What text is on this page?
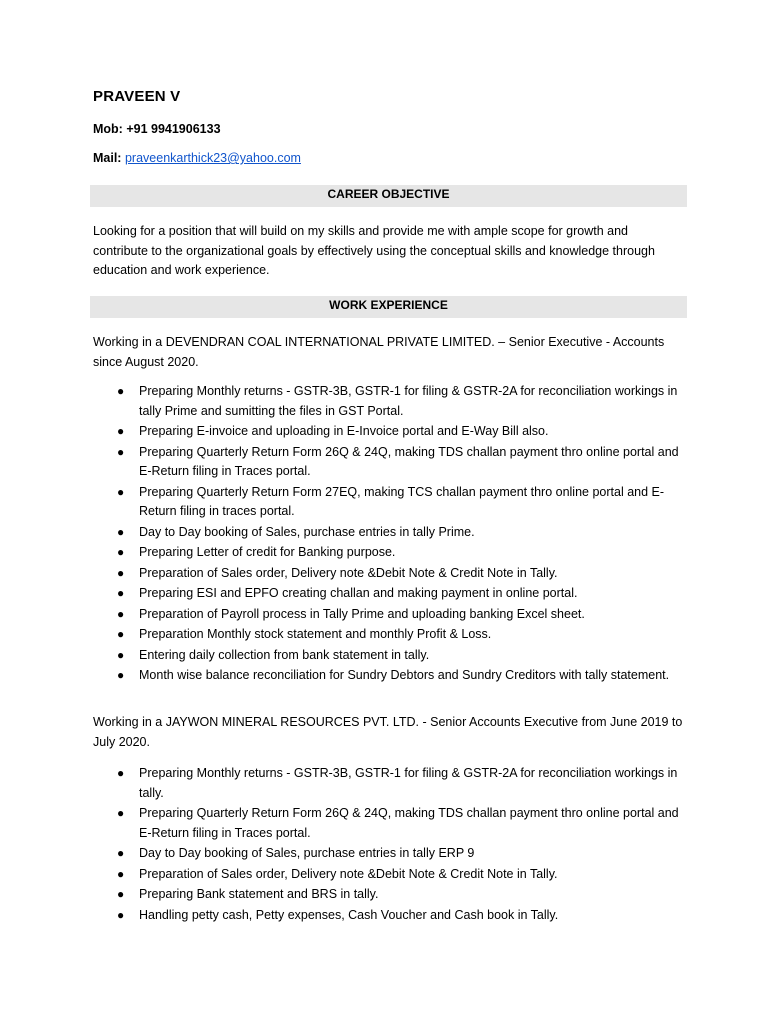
PRAVEEN V
Mob: +91 9941906133
Mail: praveenkarthick23@yahoo.com
CAREER OBJECTIVE

Looking for a position that will build on my skills and provide me with ample scope for growth and contribute to the organizational goals by effectively using the conceptual skills and knowledge through education and work experience.

WORK EXPERIENCE

Working in a DEVENDRAN COAL INTERNATIONAL PRIVATE LIMITED. – Senior Executive - Accounts since August 2020.

● Preparing Monthly returns - GSTR-3B, GSTR-1 for filing & GSTR-2A for reconciliation workings in tally Prime and sumitting the files in GST Portal.
● Preparing E-invoice and uploading in E-Invoice portal and E-Way Bill also.
● Preparing Quarterly Return Form 26Q & 24Q, making TDS challan payment thro online portal and E-Return filing in Traces portal.
● Preparing Quarterly Return Form 27EQ, making TCS challan payment thro online portal and E-Return filing in traces portal.
● Day to Day booking of Sales, purchase entries in tally Prime.
● Preparing Letter of credit for Banking purpose.
● Preparation of Sales order, Delivery note &Debit Note & Credit Note in Tally.
● Preparing ESI and EPFO creating challan and making payment in online portal.
● Preparation of Payroll process in Tally Prime and uploading banking Excel sheet.
● Preparation Monthly stock statement and monthly Profit & Loss.
● Entering daily collection from bank statement in tally.
● Month wise balance reconciliation for Sundry Debtors and Sundry Creditors with tally statement.

Working in a JAYWON MINERAL RESOURCES PVT. LTD. - Senior Accounts Executive from June 2019 to July 2020.

● Preparing Monthly returns - GSTR-3B, GSTR-1 for filing & GSTR-2A for reconciliation workings in tally.
● Preparing Quarterly Return Form 26Q & 24Q, making TDS challan payment thro online portal and E-Return filing in Traces portal.
● Day to Day booking of Sales, purchase entries in tally ERP 9
● Preparation of Sales order, Delivery note &Debit Note & Credit Note in Tally.
● Preparing Bank statement and BRS in tally.
● Handling petty cash, Petty expenses, Cash Voucher and Cash book in Tally.
